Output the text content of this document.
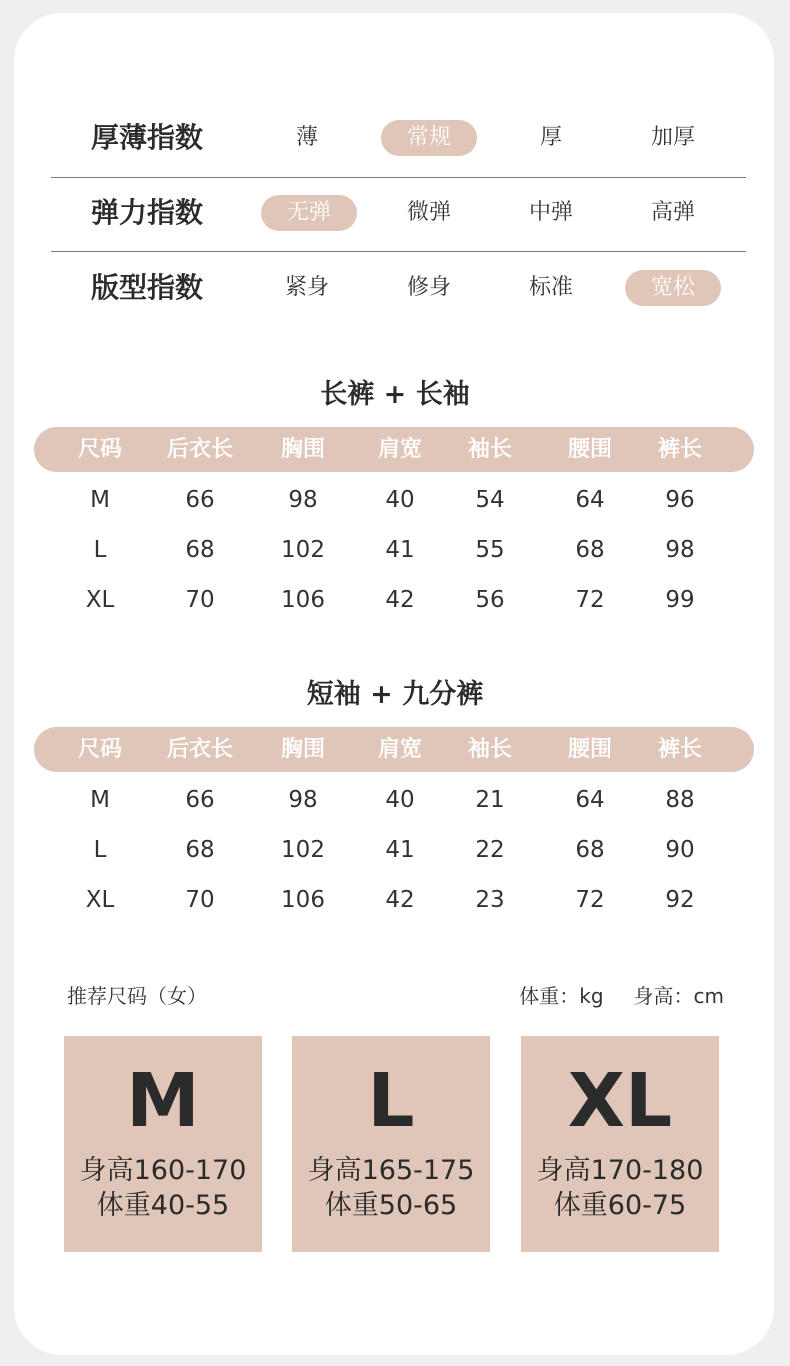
厚薄指数	薄	常规	厚	加厚
弹力指数	无弹	微弹	中弹	高弹
版型指数	紧身	修身	标准	宽松
长裤 + 长袖
尺码	后衣长	胸围	肩宽	袖长	腰围	裤长
M	66	98	40	54	64	96
L	68	102	41	55	68	98
XL	70	106	42	56	72	99
短袖 + 九分裤
尺码	后衣长	胸围	肩宽	袖长	腰围	裤长
M	66	98	40	21	64	88
L	68	102	41	22	68	90
XL	70	106	42	23	72	92
推荐尺码（女）	体重：kg 身高：cm
M
身高160-170
体重40-55
L
身高165-175
体重50-65
XL
身高170-180
体重60-75
